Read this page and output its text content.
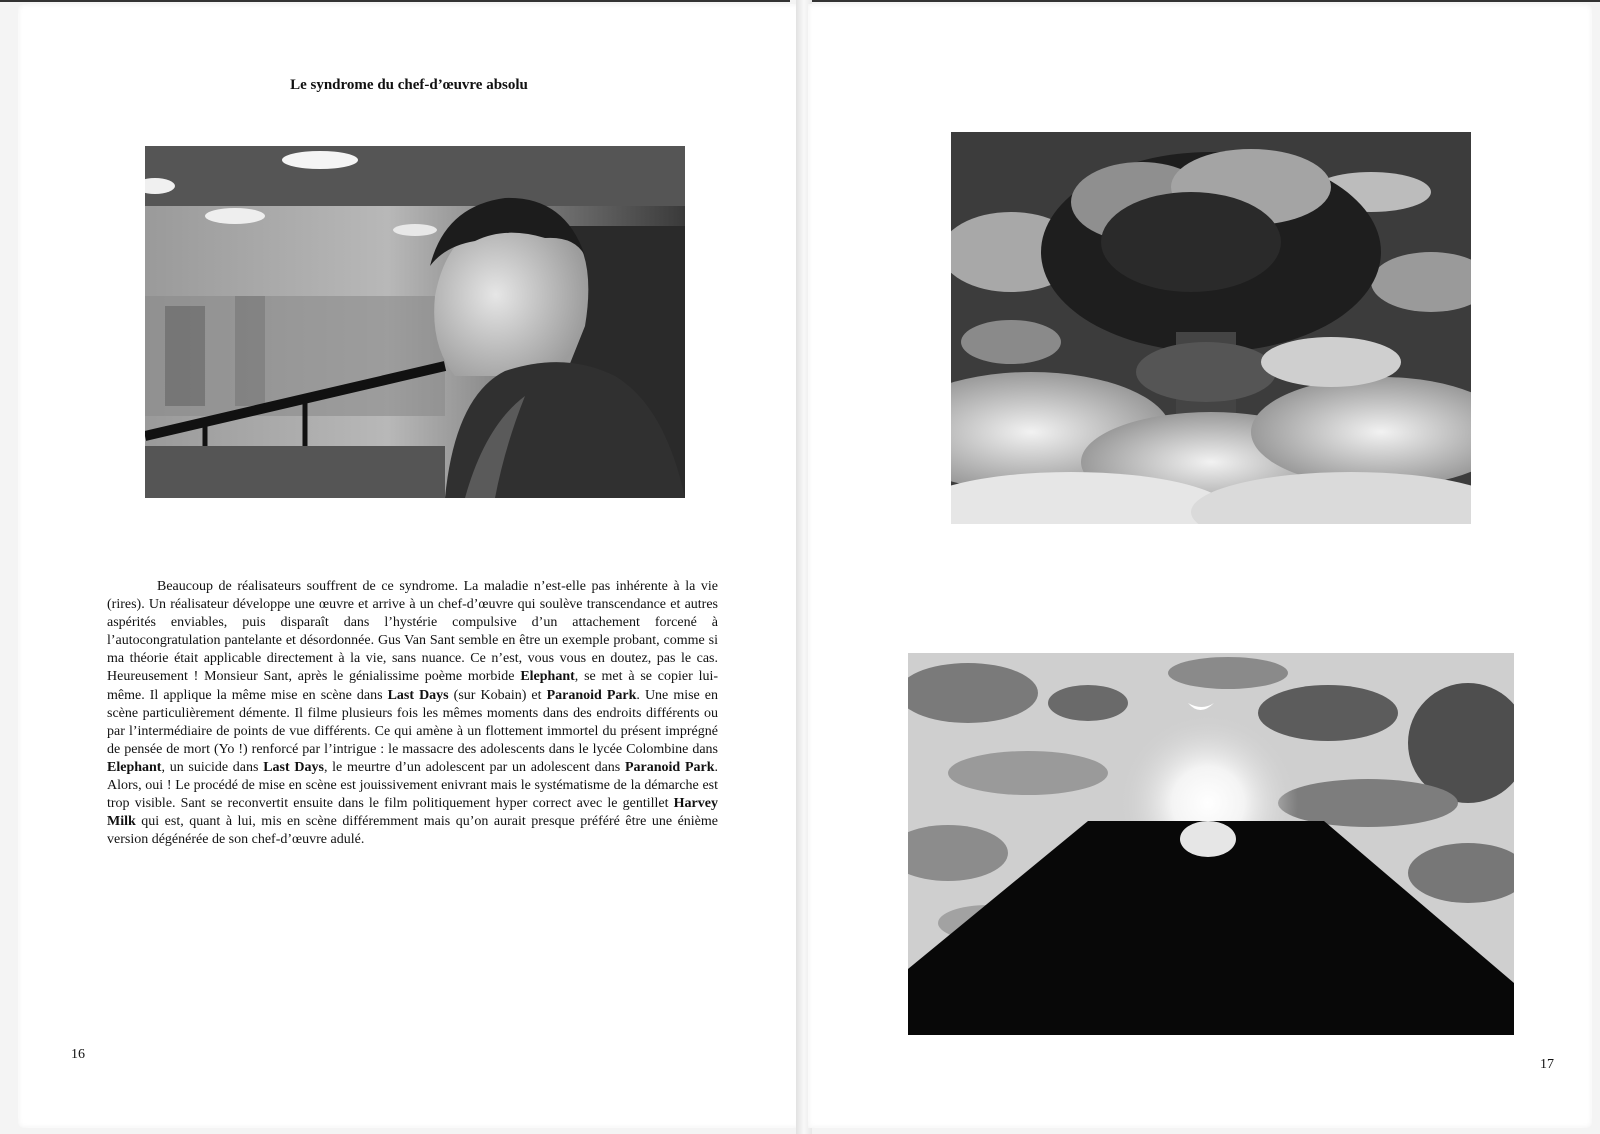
Le syndrome du chef-d’œuvre absolu

Beaucoup de réalisateurs souffrent de ce syndrome. La maladie n’est-elle pas inhérente à la vie (rires). Un réalisateur développe une œuvre et arrive à un chef-d’œuvre qui soulève transcendance et autres aspérités enviables, puis disparaît dans l’hystérie compulsive d’un attachement forcené à l’autocongratulation pantelante et désordonnée. Gus Van Sant semble en être un exemple probant, comme si ma théorie était applicable directement à la vie, sans nuance. Ce n’est, vous vous en doutez, pas le cas. Heureusement ! Monsieur Sant, après le génialissime poème morbide Elephant, se met à se copier lui-même. Il applique la même mise en scène dans Last Days (sur Kobain) et Paranoid Park. Une mise en scène particulièrement démente. Il filme plusieurs fois les mêmes moments dans des endroits différents ou par l’intermédiaire de points de vue différents. Ce qui amène à un flottement immortel du présent imprégné de pensée de mort (Yo !) renforcé par l’intrigue : le massacre des adolescents dans le lycée Colombine dans Elephant, un suicide dans Last Days, le meurtre d’un adolescent par un adolescent dans Paranoid Park. Alors, oui ! Le procédé de mise en scène est jouissivement enivrant mais le systématisme de la démarche est trop visible. Sant se reconvertit ensuite dans le film politiquement hyper correct avec le gentillet Harvey Milk qui est, quant à lui, mis en scène différemment mais qu’on aurait presque préféré être une énième version dégénérée de son chef-d’œuvre adulé.

16
17
